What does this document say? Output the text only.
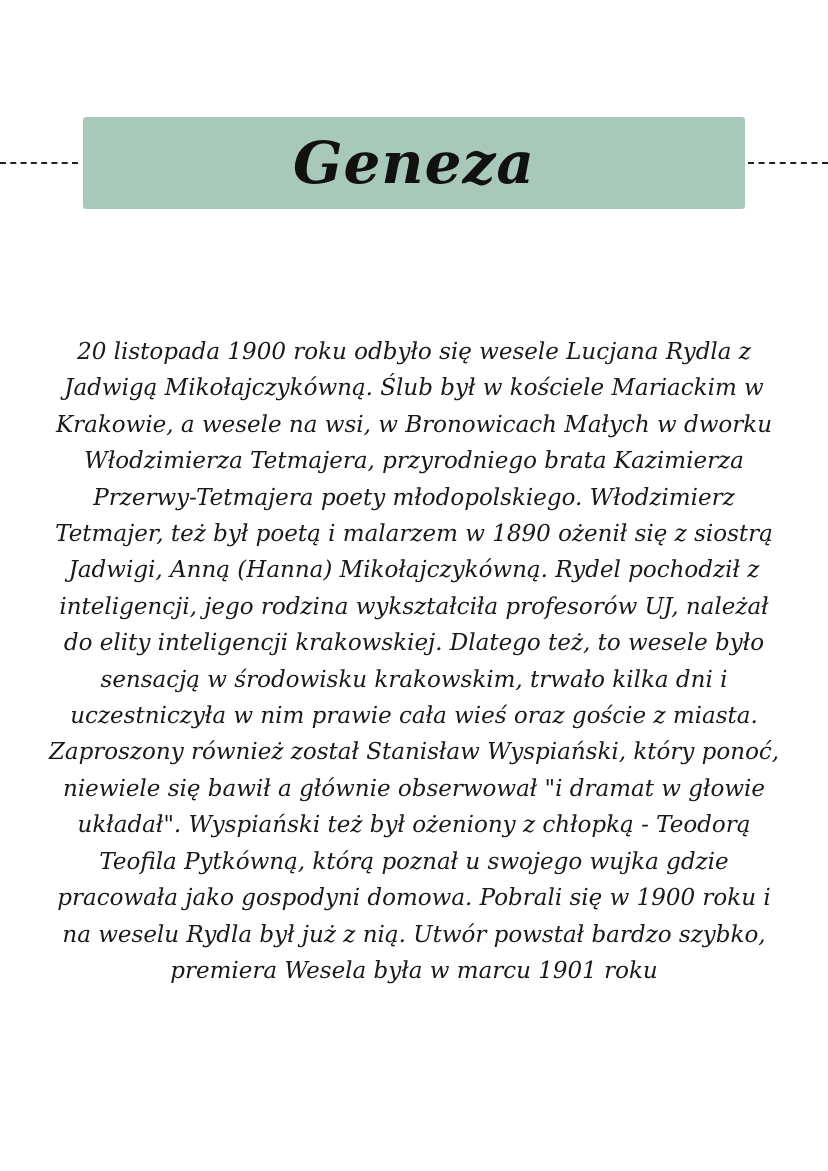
Geneza
20 listopada 1900 roku odbyło się wesele Lucjana Rydla z
Jadwigą Mikołajczykówną. Ślub był w kościele Mariackim w
Krakowie, a wesele na wsi, w Bronowicach Małych w dworku
Włodzimierza Tetmajera, przyrodniego brata Kazimierza
Przerwy-Tetmajera poety młodopolskiego. Włodzimierz
Tetmajer, też był poetą i malarzem w 1890 ożenił się z siostrą
Jadwigi, Anną (Hanna) Mikołajczykówną. Rydel pochodził z
inteligencji, jego rodzina wykształciła profesorów UJ, należał
do elity inteligencji krakowskiej. Dlatego też, to wesele było
sensacją w środowisku krakowskim, trwało kilka dni i
uczestniczyła w nim prawie cała wieś oraz goście z miasta.
Zaproszony również został Stanisław Wyspiański, który ponoć,
niewiele się bawił a głównie obserwował "i dramat w głowie
układał". Wyspiański też był ożeniony z chłopką - Teodorą
Teofila Pytkówną, którą poznał u swojego wujka gdzie
pracowała jako gospodyni domowa. Pobrali się w 1900 roku i
na weselu Rydla był już z nią. Utwór powstał bardzo szybko,
premiera Wesela była w marcu 1901 roku
